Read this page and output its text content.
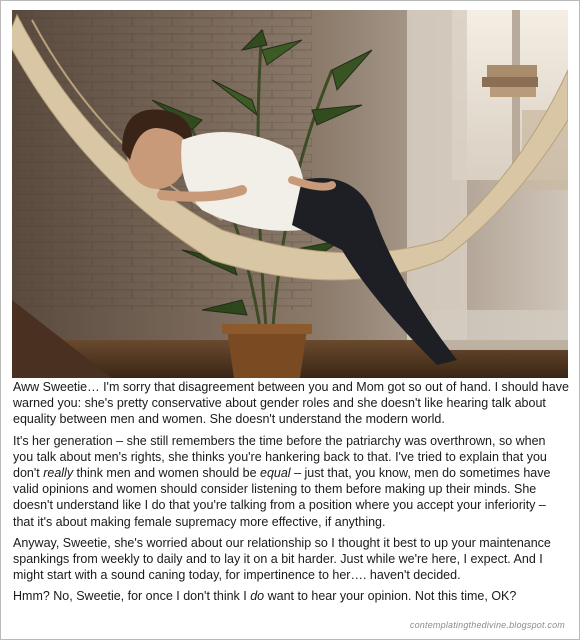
Aww Sweetie… I'm sorry that disagreement between you and Mom got so out of hand. I should have warned you: she's pretty conservative about gender roles and she doesn't like hearing talk about equality between men and women. She doesn't understand the modern world.

It's her generation – she still remembers the time before the patriarchy was overthrown, so when you talk about men's rights, she thinks you're hankering back to that. I've tried to explain that you don't really think men and women should be equal – just that, you know, men do sometimes have valid opinions and women should consider listening to them before making up their minds. She doesn't understand like I do that you're talking from a position where you accept your inferiority – that it's about making female supremacy more effective, if anything.

Anyway, Sweetie, she's worried about our relationship so I thought it best to up your maintenance spankings from weekly to daily and to lay it on a bit harder. Just while we're here, I expect. And I might start with a sound caning today, for impertinence to her…. haven't decided.

Hmm? No, Sweetie, for once I don't think I do want to hear your opinion. Not this time, OK?

contemplatingthedivine.blogspot.com
